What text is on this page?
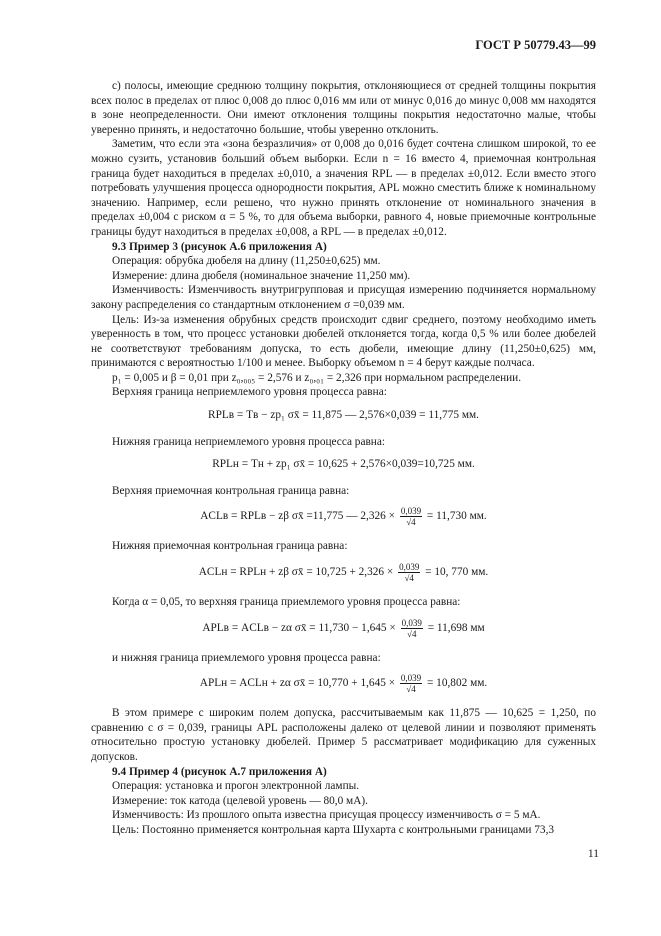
ГОСТ Р 50779.43—99

c) полосы, имеющие среднюю толщину покрытия, отклоняющиеся от средней толщины покрытия всех полос в пределах от плюс 0,008 до плюс 0,016 мм или от минус 0,016 до минус 0,008 мм находятся в зоне неопределенности. Они имеют отклонения толщины покрытия недостаточно малые, чтобы уверенно принять, и недостаточно большие, чтобы уверенно отклонить.

Заметим, что если эта «зона безразличия» от 0,008 до 0,016 будет сочтена слишком широкой, то ее можно сузить, установив больший объем выборки. Если n = 16 вместо 4, приемочная контрольная граница будет находиться в пределах ±0,010, а значения RPL — в пределах ±0,012. Если вместо этого потребовать улучшения процесса однородности покрытия, APL можно сместить ближе к номинальному значению. Например, если решено, что нужно принять отклонение от номинального значения в пределах ±0,004 с риском α = 5 %, то для объема выборки, равного 4, новые приемочные контрольные границы будут находиться в пределах ±0,008, а RPL — в пределах ±0,012.

9.3 Пример 3 (рисунок А.6 приложения А)

Операция: обрубка дюбеля на длину (11,250±0,625) мм.

Измерение: длина дюбеля (номинальное значение 11,250 мм).

Изменчивость: Изменчивость внутригрупповая и присущая измерению подчиняется нормальному закону распределения со стандартным отклонением σ =0,039 мм.

Цель: Из-за изменения обрубных средств происходит сдвиг среднего, поэтому необходимо иметь уверенность в том, что процесс установки дюбелей отклоняется тогда, когда 0,5 % или более дюбелей не соответствуют требованиям допуска, то есть дюбели, имеющие длину (11,250±0,625) мм, принимаются с вероятностью 1/100 и менее. Выборку объемом n = 4 берут каждые полчаса.

p₁ = 0,005 и β = 0,01 при z₀,₀₀₅ = 2,576 и z₀,₀₁ = 2,326 при нормальном распределении.

Верхняя граница неприемлемого уровня процесса равна:

RPLв = Tв − zp₁ σx̄ = 11,875 — 2,576×0,039 = 11,775 мм.

Нижняя граница неприемлемого уровня процесса равна:

RPLн = Tн + zp₁ σx̄ = 10,625 + 2,576×0,039=10,725 мм.

Верхняя приемочная контрольная граница равна:

ACLв = RPLв − zβ σx̄ =11,775 — $2,326 \times \frac{0,039}{√4} = 11,730$ мм.

Нижняя приемочная контрольная граница равна:

ACLн = RPLн + zβ σx̄ = $10,725 + 2,326 \times \frac{0,039}{√4} = 10$, 770 мм.

Когда α = 0,05, то верхняя граница приемлемого уровня процесса равна:

APLв = ACLв − zα σx̄ = $11,730 - 1,645 \times \frac{0,039}{√4} = 11,698$ мм

и нижняя граница приемлемого уровня процесса равна:

APLн = ACLн + zα σx̄ = $10,770 + 1,645 \times \frac{0,039}{√4} = 10,802$ мм.

В этом примере с широким полем допуска, рассчитываемым как 11,875 — 10,625 = 1,250, по сравнению с σ = 0,039, границы APL расположены далеко от целевой линии и позволяют применять относительно простую установку дюбелей. Пример 5 рассматривает модификацию для суженных допусков.

9.4 Пример 4 (рисунок А.7 приложения А)

Операция: установка и прогон электронной лампы.

Измерение: ток катода (целевой уровень — 80,0 мА).

Изменчивость: Из прошлого опыта известна присущая процессу изменчивость σ = 5 мА.

Цель: Постоянно применяется контрольная карта Шухарта с контрольными границами 73,3

11
